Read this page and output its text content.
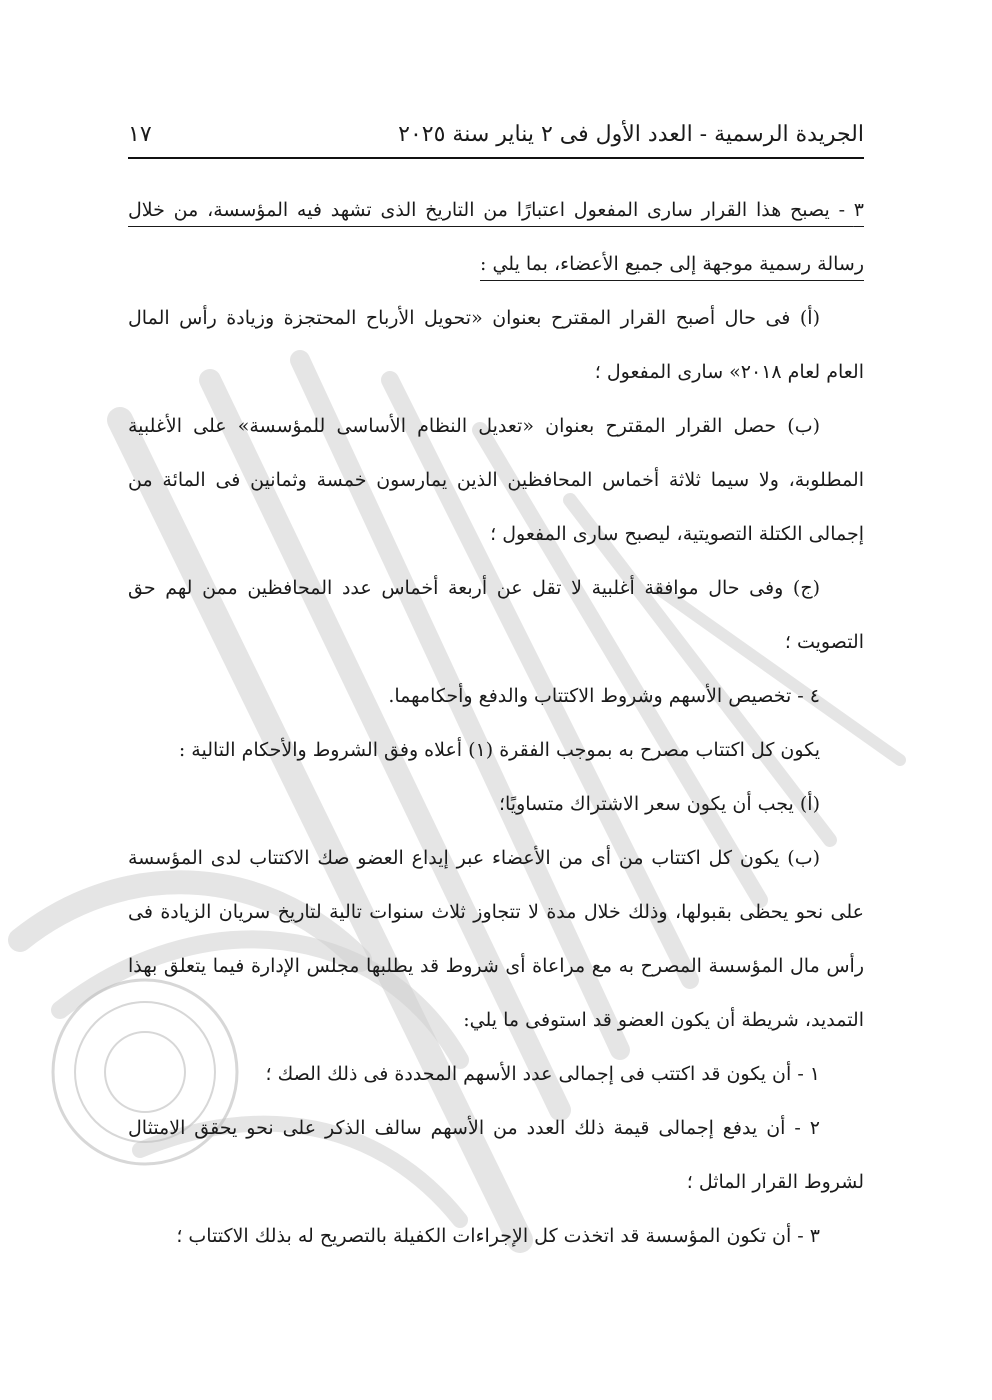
الجريدة الرسمية - العدد الأول فى ٢ يناير سنة ٢٠٢٥
١٧

٣ - يصبح هذا القرار سارى المفعول اعتبارًا من التاريخ الذى تشهد فيه المؤسسة، من خلال رسالة رسمية موجهة إلى جميع الأعضاء، بما يلي :

(أ) فى حال أصبح القرار المقترح بعنوان «تحويل الأرباح المحتجزة وزيادة رأس المال العام لعام ٢٠١٨» سارى المفعول ؛

(ب) حصل القرار المقترح بعنوان «تعديل النظام الأساسى للمؤسسة» على الأغلبية المطلوبة، ولا سيما ثلاثة أخماس المحافظين الذين يمارسون خمسة وثمانين فى المائة من إجمالى الكتلة التصويتية، ليصبح سارى المفعول ؛

(ج) وفى حال موافقة أغلبية لا تقل عن أربعة أخماس عدد المحافظين ممن لهم حق التصويت ؛

٤ - تخصيص الأسهم وشروط الاكتتاب والدفع وأحكامهما.

يكون كل اكتتاب مصرح به بموجب الفقرة (١) أعلاه وفق الشروط والأحكام التالية :

(أ) يجب أن يكون سعر الاشتراك متساويًا؛

(ب) يكون كل اكتتاب من أى من الأعضاء عبر إيداع العضو صك الاكتتاب لدى المؤسسة على نحو يحظى بقبولها، وذلك خلال مدة لا تتجاوز ثلاث سنوات تالية لتاريخ سريان الزيادة فى رأس مال المؤسسة المصرح به مع مراعاة أى شروط قد يطلبها مجلس الإدارة فيما يتعلق بهذا التمديد، شريطة أن يكون العضو قد استوفى ما يلي:

١ - أن يكون قد اكتتب فى إجمالى عدد الأسهم المحددة فى ذلك الصك ؛

٢ - أن يدفع إجمالى قيمة ذلك العدد من الأسهم سالف الذكر على نحو يحقق الامتثال لشروط القرار الماثل ؛

٣ - أن تكون المؤسسة قد اتخذت كل الإجراءات الكفيلة بالتصريح له بذلك الاكتتاب ؛
